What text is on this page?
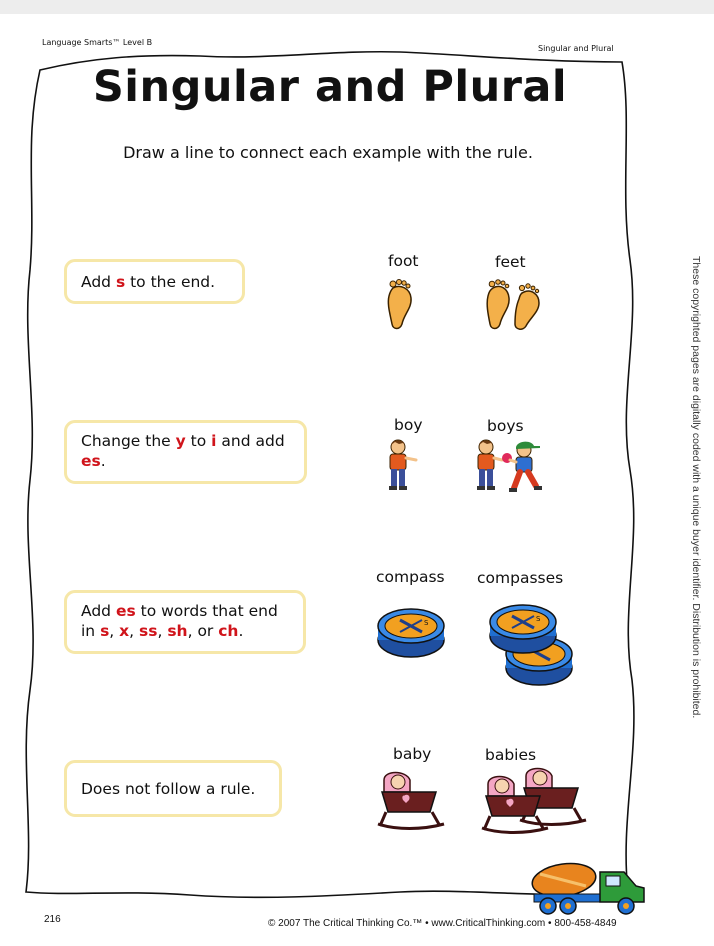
Language Smarts™ Level B
Singular and Plural
Singular and Plural
Draw a line to connect each example with the rule.
Add s to the end.
Change the y to i and add es.
Add es to words that end in s, x, ss, sh, or ch.
Does not follow a rule.
foot	feet
boy	boys
compass compasses
baby	babies
S	S	These copyrighted pages are digitally coded with a unique buyer identifier. Distribution is prohibited.
216	© 2007 The Critical Thinking Co.™ • www.CriticalThinking.com • 800-458-4849
